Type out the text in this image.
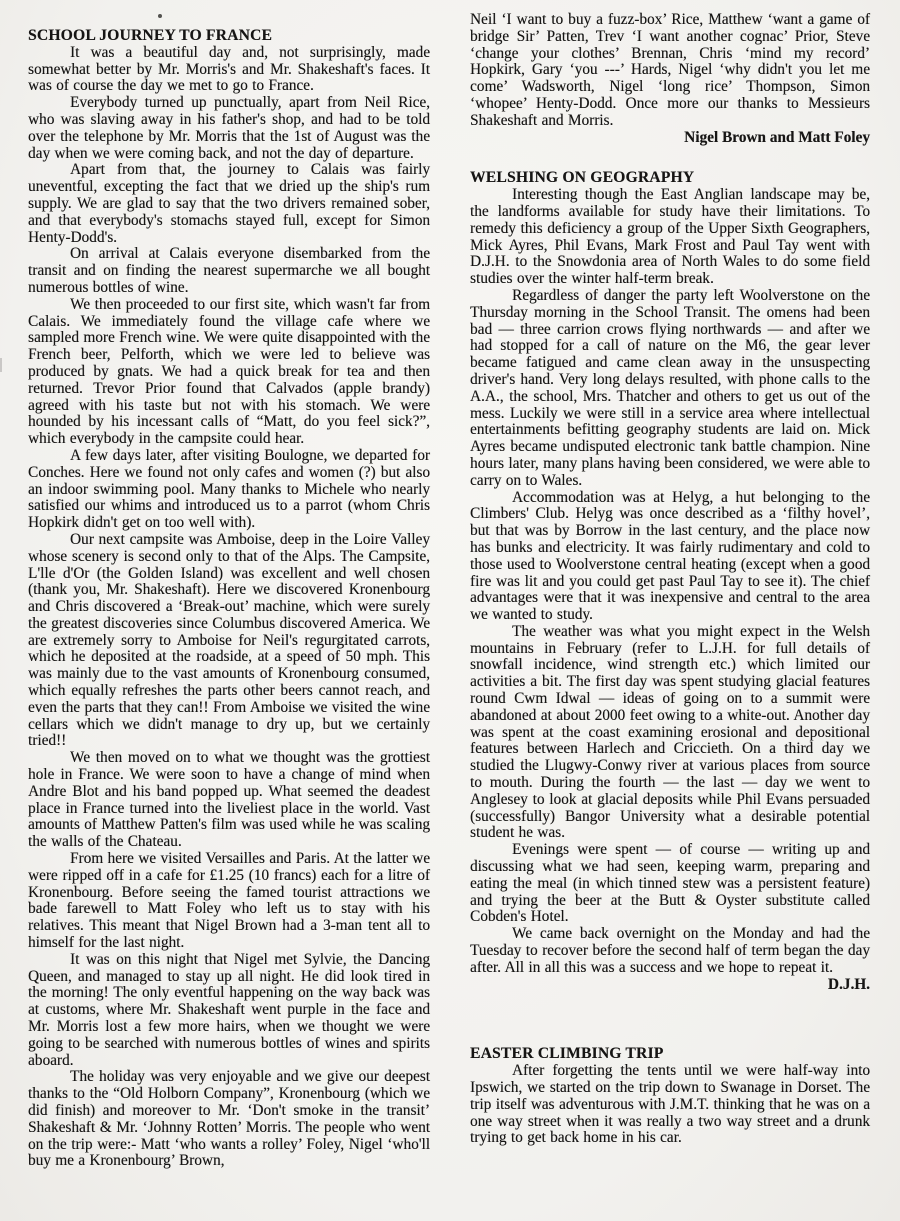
SCHOOL JOURNEY TO FRANCE

It was a beautiful day and, not surprisingly, made somewhat better by Mr. Morris's and Mr. Shakeshaft's faces. It was of course the day we met to go to France.

Everybody turned up punctually, apart from Neil Rice, who was slaving away in his father's shop, and had to be told over the telephone by Mr. Morris that the 1st of August was the day when we were coming back, and not the day of departure.

Apart from that, the journey to Calais was fairly uneventful, excepting the fact that we dried up the ship's rum supply. We are glad to say that the two drivers remained sober, and that everybody's stomachs stayed full, except for Simon Henty-Dodd's.

On arrival at Calais everyone disembarked from the transit and on finding the nearest supermarche we all bought numerous bottles of wine.

We then proceeded to our first site, which wasn't far from Calais. We immediately found the village cafe where we sampled more French wine. We were quite disappointed with the French beer, Pelforth, which we were led to believe was produced by gnats. We had a quick break for tea and then returned. Trevor Prior found that Calvados (apple brandy) agreed with his taste but not with his stomach. We were hounded by his incessant calls of “Matt, do you feel sick?”, which everybody in the campsite could hear.

A few days later, after visiting Boulogne, we departed for Conches. Here we found not only cafes and women (?) but also an indoor swimming pool. Many thanks to Michele who nearly satisfied our whims and introduced us to a parrot (whom Chris Hopkirk didn't get on too well with).

Our next campsite was Amboise, deep in the Loire Valley whose scenery is second only to that of the Alps. The Campsite, L'lle d'Or (the Golden Island) was excellent and well chosen (thank you, Mr. Shakeshaft). Here we discovered Kronenbourg and Chris discovered a ‘Break-out’ machine, which were surely the greatest discoveries since Columbus discovered America. We are extremely sorry to Amboise for Neil's regurgitated carrots, which he deposited at the roadside, at a speed of 50 mph. This was mainly due to the vast amounts of Kronenbourg consumed, which equally refreshes the parts other beers cannot reach, and even the parts that they can!! From Amboise we visited the wine cellars which we didn't manage to dry up, but we certainly tried!!

We then moved on to what we thought was the grottiest hole in France. We were soon to have a change of mind when Andre Blot and his band popped up. What seemed the deadest place in France turned into the liveliest place in the world. Vast amounts of Matthew Patten's film was used while he was scaling the walls of the Chateau.

From here we visited Versailles and Paris. At the latter we were ripped off in a cafe for £1.25 (10 francs) each for a litre of Kronenbourg. Before seeing the famed tourist attractions we bade farewell to Matt Foley who left us to stay with his relatives. This meant that Nigel Brown had a 3-man tent all to himself for the last night.

It was on this night that Nigel met Sylvie, the Dancing Queen, and managed to stay up all night. He did look tired in the morning! The only eventful happening on the way back was at customs, where Mr. Shakeshaft went purple in the face and Mr. Morris lost a few more hairs, when we thought we were going to be searched with numerous bottles of wines and spirits aboard.

The holiday was very enjoyable and we give our deepest thanks to the “Old Holborn Company”, Kronenbourg (which we did finish) and moreover to Mr. ‘Don't smoke in the transit’ Shakeshaft & Mr. ‘Johnny Rotten’ Morris. The people who went on the trip were:- Matt ‘who wants a rolley’ Foley, Nigel ‘who'll buy me a Kronenbourg’ Brown,

Neil ‘I want to buy a fuzz-box’ Rice, Matthew ‘want a game of bridge Sir’ Patten, Trev ‘I want another cognac’ Prior, Steve ‘change your clothes’ Brennan, Chris ‘mind my record’ Hopkirk, Gary ‘you ---’ Hards, Nigel ‘why didn't you let me come’ Wadsworth, Nigel ‘long rice’ Thompson, Simon ‘whopee’ Henty-Dodd. Once more our thanks to Messieurs Shakeshaft and Morris.

Nigel Brown and Matt Foley

WELSHING ON GEOGRAPHY

Interesting though the East Anglian landscape may be, the landforms available for study have their limitations. To remedy this deficiency a group of the Upper Sixth Geographers, Mick Ayres, Phil Evans, Mark Frost and Paul Tay went with D.J.H. to the Snowdonia area of North Wales to do some field studies over the winter half-term break.

Regardless of danger the party left Woolverstone on the Thursday morning in the School Transit. The omens had been bad — three carrion crows flying northwards — and after we had stopped for a call of nature on the M6, the gear lever became fatigued and came clean away in the unsuspecting driver's hand. Very long delays resulted, with phone calls to the A.A., the school, Mrs. Thatcher and others to get us out of the mess. Luckily we were still in a service area where intellectual entertainments befitting geography students are laid on. Mick Ayres became undisputed electronic tank battle champion. Nine hours later, many plans having been considered, we were able to carry on to Wales.

Accommodation was at Helyg, a hut belonging to the Climbers' Club. Helyg was once described as a ‘filthy hovel’, but that was by Borrow in the last century, and the place now has bunks and electricity. It was fairly rudimentary and cold to those used to Woolverstone central heating (except when a good fire was lit and you could get past Paul Tay to see it). The chief advantages were that it was inexpensive and central to the area we wanted to study.

The weather was what you might expect in the Welsh mountains in February (refer to L.J.H. for full details of snowfall incidence, wind strength etc.) which limited our activities a bit. The first day was spent studying glacial features round Cwm Idwal — ideas of going on to a summit were abandoned at about 2000 feet owing to a white-out. Another day was spent at the coast examining erosional and depositional features between Harlech and Criccieth. On a third day we studied the Llugwy-Conwy river at various places from source to mouth. During the fourth — the last — day we went to Anglesey to look at glacial deposits while Phil Evans persuaded (successfully) Bangor University what a desirable potential student he was.

Evenings were spent — of course — writing up and discussing what we had seen, keeping warm, preparing and eating the meal (in which tinned stew was a persistent feature) and trying the beer at the Butt & Oyster substitute called Cobden's Hotel.

We came back overnight on the Monday and had the Tuesday to recover before the second half of term began the day after. All in all this was a success and we hope to repeat it.

D.J.H.

EASTER CLIMBING TRIP

After forgetting the tents until we were half-way into Ipswich, we started on the trip down to Swanage in Dorset. The trip itself was adventurous with J.M.T. thinking that he was on a one way street when it was really a two way street and a drunk trying to get back home in his car.
